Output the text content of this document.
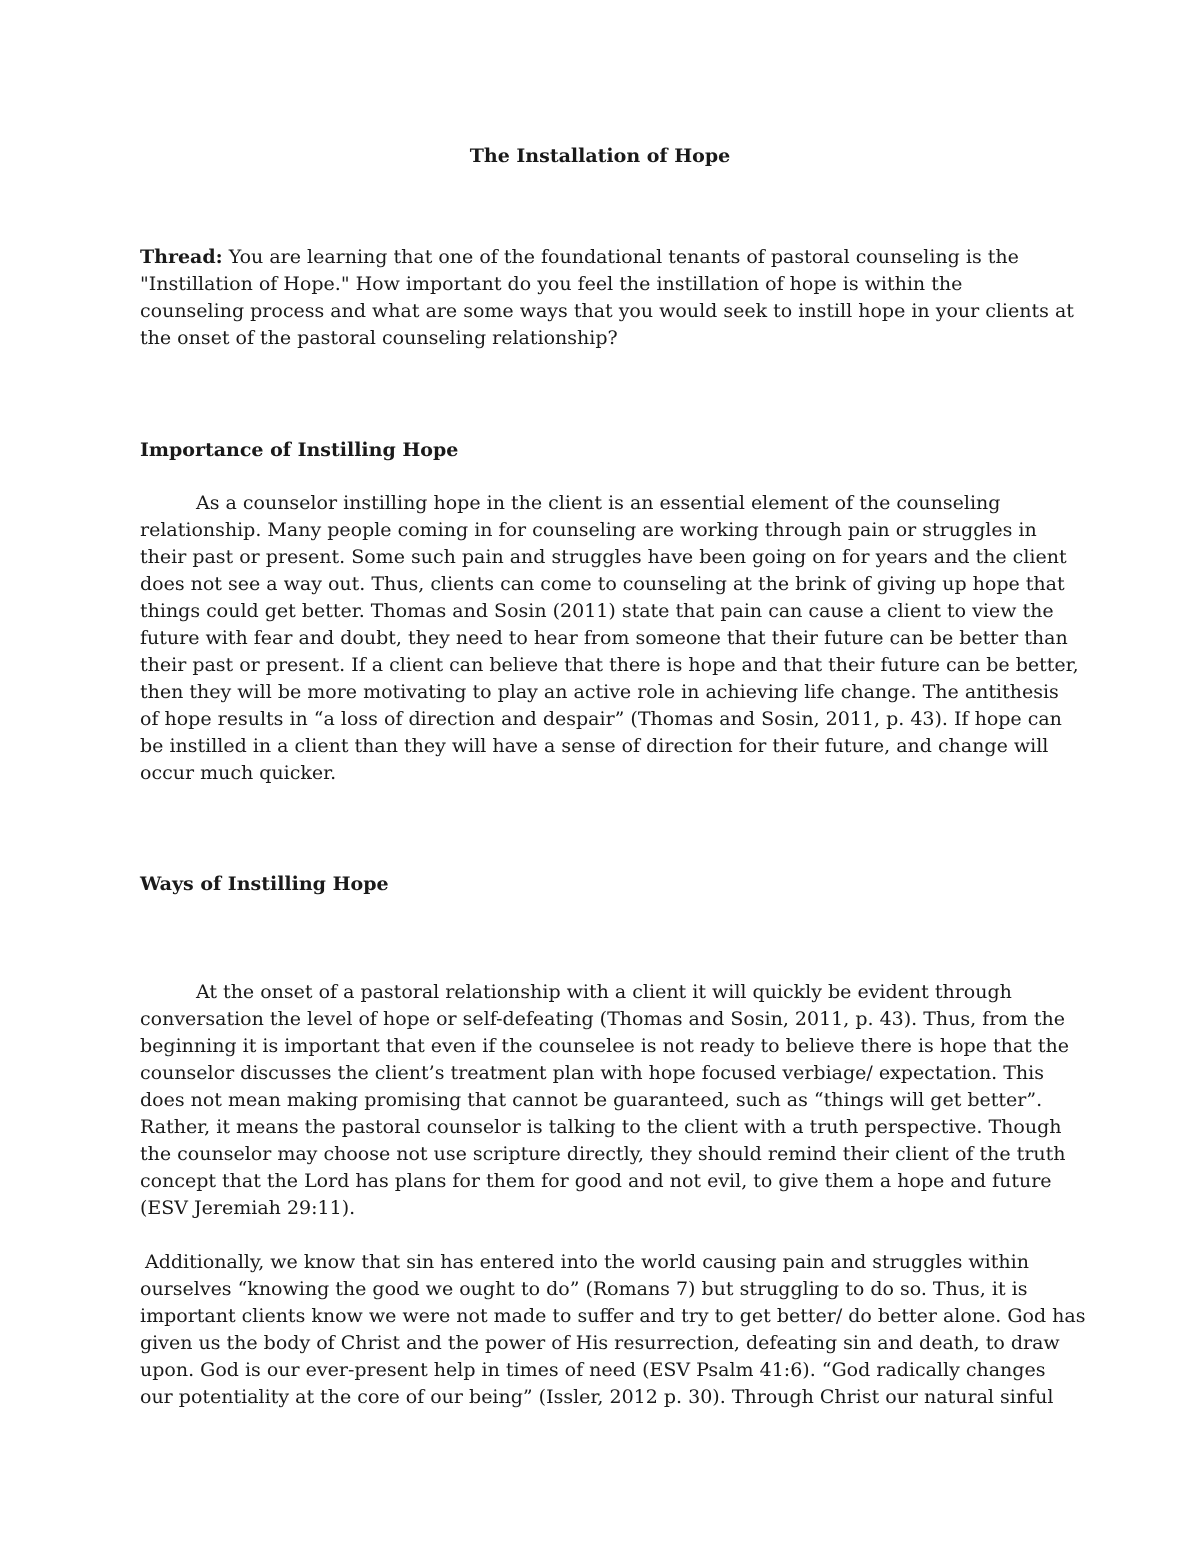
The Installation of Hope
Thread: You are learning that one of the foundational tenants of pastoral counseling is the
"Instillation of Hope." How important do you feel the instillation of hope is within the
counseling process and what are some ways that you would seek to instill hope in your clients at
the onset of the pastoral counseling relationship?
Importance of Instilling Hope
As a counselor instilling hope in the client is an essential element of the counseling
relationship. Many people coming in for counseling are working through pain or struggles in
their past or present. Some such pain and struggles have been going on for years and the client
does not see a way out. Thus, clients can come to counseling at the brink of giving up hope that
things could get better. Thomas and Sosin (2011) state that pain can cause a client to view the
future with fear and doubt, they need to hear from someone that their future can be better than
their past or present. If a client can believe that there is hope and that their future can be better,
then they will be more motivating to play an active role in achieving life change. The antithesis
of hope results in “a loss of direction and despair” (Thomas and Sosin, 2011, p. 43). If hope can
be instilled in a client than they will have a sense of direction for their future, and change will
occur much quicker.
Ways of Instilling Hope
At the onset of a pastoral relationship with a client it will quickly be evident through
conversation the level of hope or self-defeating (Thomas and Sosin, 2011, p. 43). Thus, from the
beginning it is important that even if the counselee is not ready to believe there is hope that the
counselor discusses the client’s treatment plan with hope focused verbiage/ expectation. This
does not mean making promising that cannot be guaranteed, such as “things will get better”.
Rather, it means the pastoral counselor is talking to the client with a truth perspective. Though
the counselor may choose not use scripture directly, they should remind their client of the truth
concept that the Lord has plans for them for good and not evil, to give them a hope and future
(ESV Jeremiah 29:11).
Additionally, we know that sin has entered into the world causing pain and struggles within
ourselves “knowing the good we ought to do” (Romans 7) but struggling to do so. Thus, it is
important clients know we were not made to suffer and try to get better/ do better alone. God has
given us the body of Christ and the power of His resurrection, defeating sin and death, to draw
upon. God is our ever-present help in times of need (ESV Psalm 41:6). “God radically changes
our potentiality at the core of our being” (Issler, 2012 p. 30). Through Christ our natural sinful
